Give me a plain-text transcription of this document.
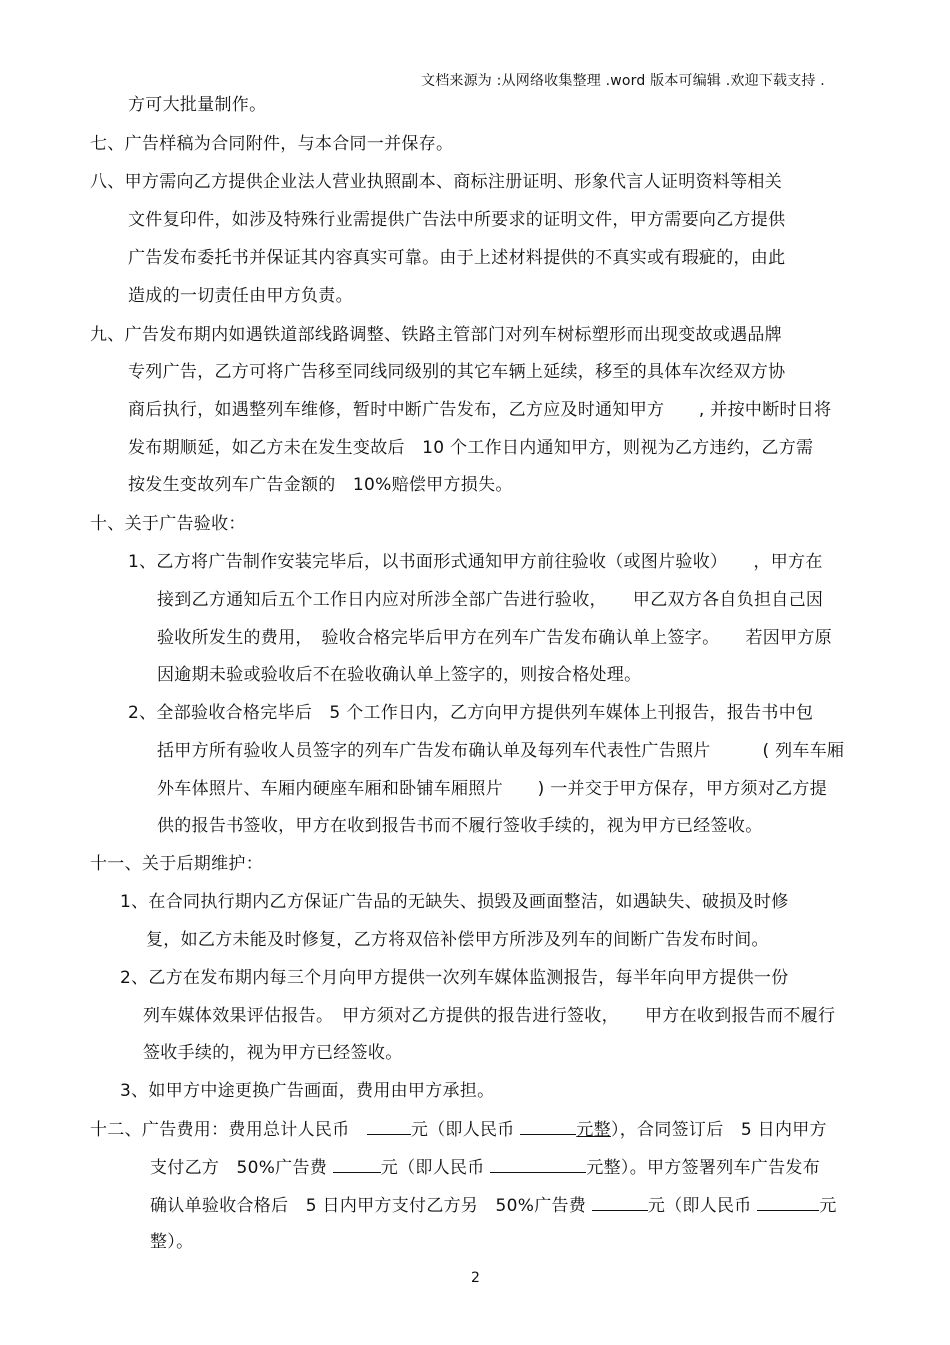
文档来源为 :从网络收集整理 .word 版本可编辑 .欢迎下载支持 .
方可大批量制作。
七、广告样稿为合同附件，与本合同一并保存。
八、甲方需向乙方提供企业法人营业执照副本、商标注册证明、形象代言人证明资料等相关
文件复印件，如涉及特殊行业需提供广告法中所要求的证明文件，甲方需要向乙方提供
广告发布委托书并保证其内容真实可靠。由于上述材料提供的不真实或有瑕疵的，由此
造成的一切责任由甲方负责。
九、广告发布期内如遇铁道部线路调整、铁路主管部门对列车树标塑形而出现变故或遇品牌
专列广告，乙方可将广告移至同线同级别的其它车辆上延续，移至的具体车次经双方协
商后执行，如遇整列车维修，暂时中断广告发布，乙方应及时通知甲方　　, 并按中断时日将
发布期顺延，如乙方未在发生变故后　10 个工作日内通知甲方，则视为乙方违约，乙方需
按发生变故列车广告金额的　10%赔偿甲方损失。
十、关于广告验收：
1、乙方将广告制作安装完毕后，以书面形式通知甲方前往验收（或图片验收）　　，甲方在
接到乙方通知后五个工作日内应对所涉全部广告进行验收，　　甲乙双方各自负担自己因
验收所发生的费用，　验收合格完毕后甲方在列车广告发布确认单上签字。　　若因甲方原
因逾期未验或验收后不在验收确认单上签字的，则按合格处理。
2、全部验收合格完毕后　5 个工作日内，乙方向甲方提供列车媒体上刊报告，报告书中包
括甲方所有验收人员签字的列车广告发布确认单及每列车代表性广告照片　　　( 列车车厢
外车体照片、车厢内硬座车厢和卧铺车厢照片　　) 一并交于甲方保存，甲方须对乙方提
供的报告书签收，甲方在收到报告书而不履行签收手续的，视为甲方已经签收。
十一、关于后期维护：
1、在合同执行期内乙方保证广告品的无缺失、损毁及画面整洁，如遇缺失、破损及时修
复，如乙方未能及时修复，乙方将双倍补偿甲方所涉及列车的间断广告发布时间。
2、乙方在发布期内每三个月向甲方提供一次列车媒体监测报告，每半年向甲方提供一份
列车媒体效果评估报告。　甲方须对乙方提供的报告进行签收，　　甲方在收到报告而不履行
签收手续的，视为甲方已经签收。
3、如甲方中途更换广告画面，费用由甲方承担。
十二、广告费用：费用总计人民币　	元（即人民币	元整），合同签订后　5 日内甲方
支付乙方　50%广告费	元（即人民币	元整）。甲方签署列车广告发布
确认单验收合格后　5 日内甲方支付乙方另　50%广告费	元（即人民币	元
整）。
2
